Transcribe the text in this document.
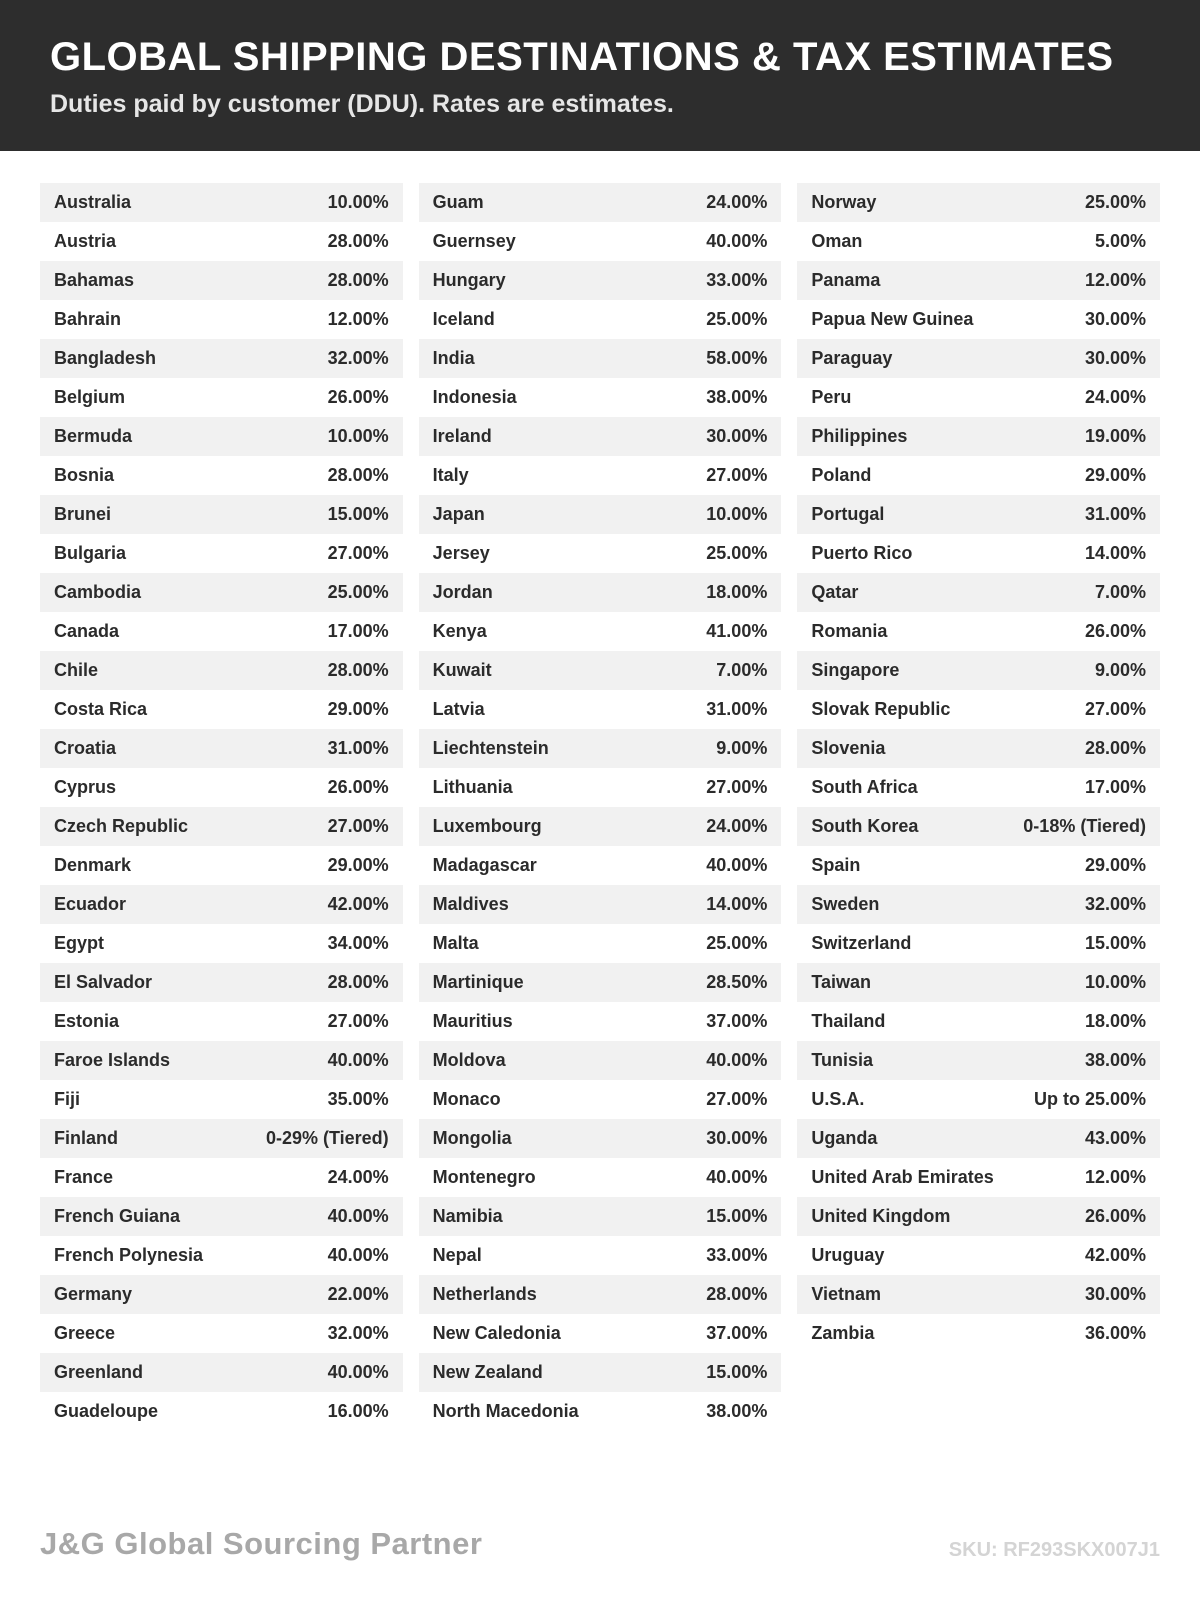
GLOBAL SHIPPING DESTINATIONS & TAX ESTIMATES
Duties paid by customer (DDU). Rates are estimates.
Australia	10.00%
Austria	28.00%
Bahamas	28.00%
Bahrain	12.00%
Bangladesh	32.00%
Belgium	26.00%
Bermuda	10.00%
Bosnia	28.00%
Brunei	15.00%
Bulgaria	27.00%
Cambodia	25.00%
Canada	17.00%
Chile	28.00%
Costa Rica	29.00%
Croatia	31.00%
Cyprus	26.00%
Czech Republic	27.00%
Denmark	29.00%
Ecuador	42.00%
Egypt	34.00%
El Salvador	28.00%
Estonia	27.00%
Faroe Islands	40.00%
Fiji	35.00%
Finland	0-29% (Tiered)
France	24.00%
French Guiana	40.00%
French Polynesia	40.00%
Germany	22.00%
Greece	32.00%
Greenland	40.00%
Guadeloupe	16.00%
Guam	24.00%
Guernsey	40.00%
Hungary	33.00%
Iceland	25.00%
India	58.00%
Indonesia	38.00%
Ireland	30.00%
Italy	27.00%
Japan	10.00%
Jersey	25.00%
Jordan	18.00%
Kenya	41.00%
Kuwait	7.00%
Latvia	31.00%
Liechtenstein	9.00%
Lithuania	27.00%
Luxembourg	24.00%
Madagascar	40.00%
Maldives	14.00%
Malta	25.00%
Martinique	28.50%
Mauritius	37.00%
Moldova	40.00%
Monaco	27.00%
Mongolia	30.00%
Montenegro	40.00%
Namibia	15.00%
Nepal	33.00%
Netherlands	28.00%
New Caledonia	37.00%
New Zealand	15.00%
North Macedonia	38.00%
Norway	25.00%
Oman	5.00%
Panama	12.00%
Papua New Guinea	30.00%
Paraguay	30.00%
Peru	24.00%
Philippines	19.00%
Poland	29.00%
Portugal	31.00%
Puerto Rico	14.00%
Qatar	7.00%
Romania	26.00%
Singapore	9.00%
Slovak Republic	27.00%
Slovenia	28.00%
South Africa	17.00%
South Korea	0-18% (Tiered)
Spain	29.00%
Sweden	32.00%
Switzerland	15.00%
Taiwan	10.00%
Thailand	18.00%
Tunisia	38.00%
U.S.A.	Up to 25.00%
Uganda	43.00%
United Arab Emirates	12.00%
United Kingdom	26.00%
Uruguay	42.00%
Vietnam	30.00%
Zambia	36.00%
J&G Global Sourcing Partner	SKU: RF293SKX007J1
